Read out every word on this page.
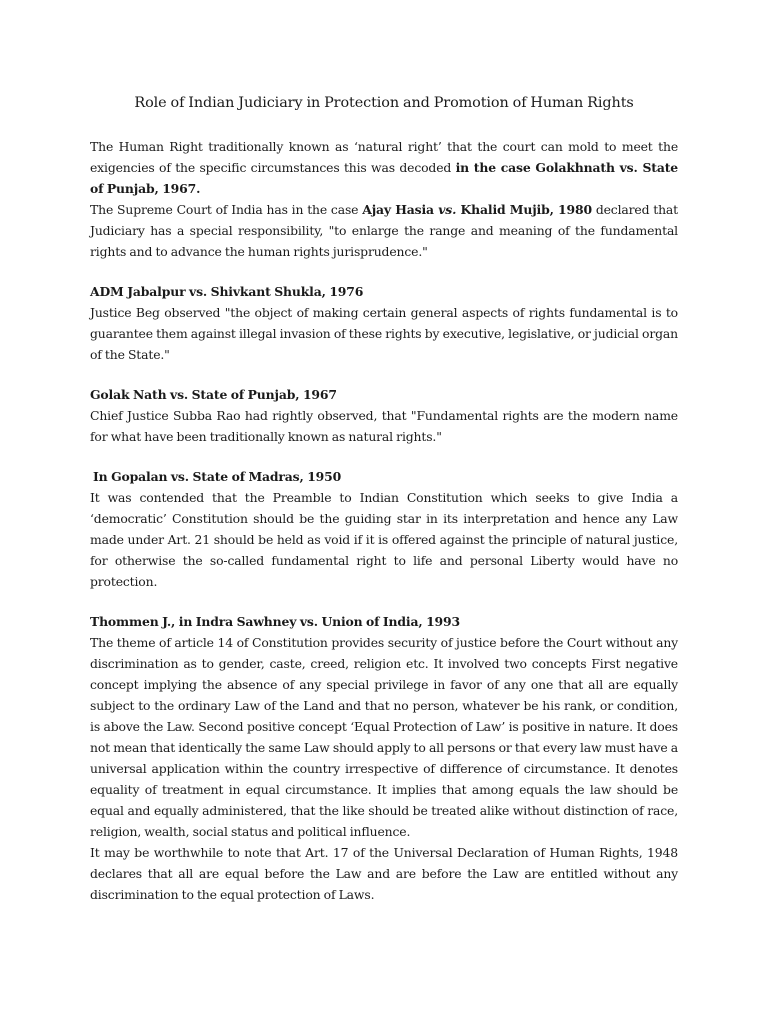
Role of Indian Judiciary in Protection and Promotion of Human Rights

The Human Right traditionally known as ‘natural right’ that the court can mold to meet the exigencies of the specific circumstances this was decoded in the case Golakhnath vs. State of Punjab, 1967.

The Supreme Court of India has in the case Ajay Hasia vs. Khalid Mujib, 1980 declared that Judiciary has a special responsibility, "to enlarge the range and meaning of the fundamental rights and to advance the human rights jurisprudence."

ADM Jabalpur vs. Shivkant Shukla, 1976

Justice Beg observed "the object of making certain general aspects of rights fundamental is to guarantee them against illegal invasion of these rights by executive, legislative, or judicial organ of the State."

Golak Nath vs. State of Punjab, 1967

Chief Justice Subba Rao had rightly observed, that "Fundamental rights are the modern name for what have been traditionally known as natural rights."

In Gopalan vs. State of Madras, 1950

It was contended that the Preamble to Indian Constitution which seeks to give India a ‘democratic’ Constitution should be the guiding star in its interpretation and hence any Law made under Art. 21 should be held as void if it is offered against the principle of natural justice, for otherwise the so-called fundamental right to life and personal Liberty would have no protection.

Thommen J., in Indra Sawhney vs. Union of India, 1993

The theme of article 14 of Constitution provides security of justice before the Court without any discrimination as to gender, caste, creed, religion etc. It involved two concepts First negative concept implying the absence of any special privilege in favor of any one that all are equally subject to the ordinary Law of the Land and that no person, whatever be his rank, or condition, is above the Law. Second positive concept ‘Equal Protection of Law’ is positive in nature. It does not mean that identically the same Law should apply to all persons or that every law must have a universal application within the country irrespective of difference of circumstance. It denotes equality of treatment in equal circumstance. It implies that among equals the law should be equal and equally administered, that the like should be treated alike without distinction of race, religion, wealth, social status and political influence.

It may be worthwhile to note that Art. 17 of the Universal Declaration of Human Rights, 1948 declares that all are equal before the Law and are before the Law are entitled without any discrimination to the equal protection of Laws.
